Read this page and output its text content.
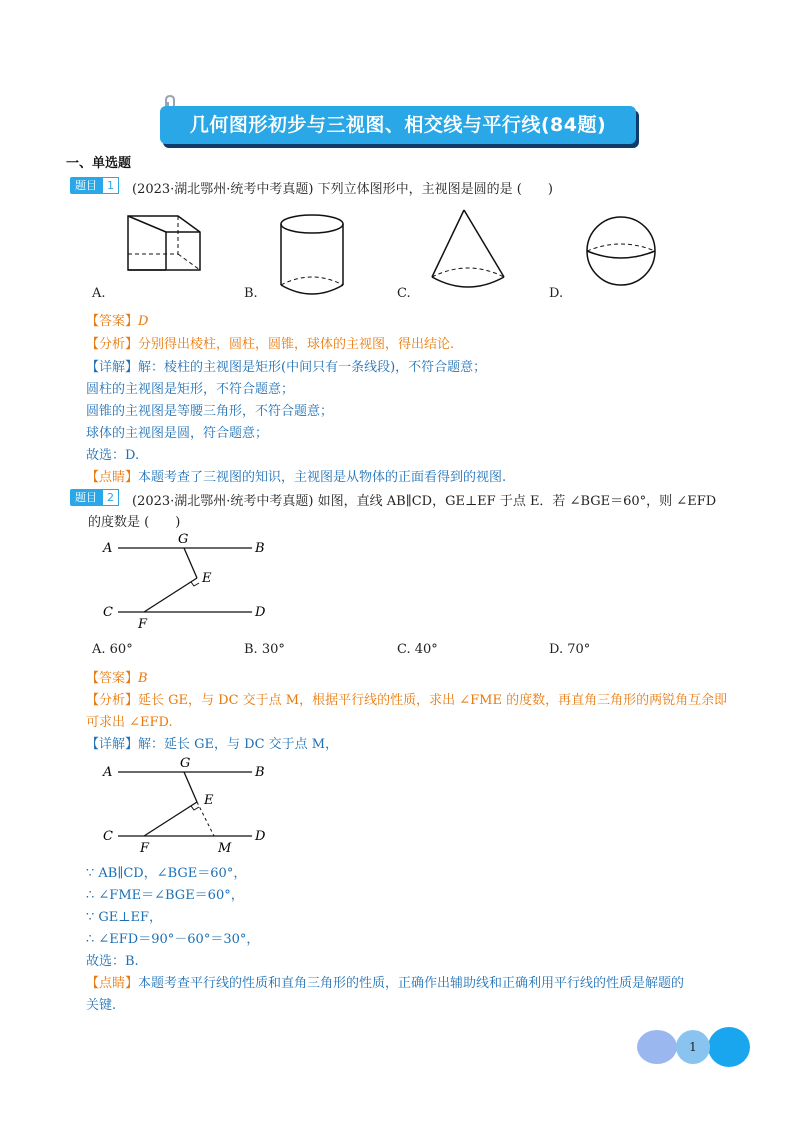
几何图形初步与三视图、相交线与平行线(84题)
一、单选题
题目 1	(2023·湖北鄂州·统考中考真题) 下列立体图形中，主视图是圆的是 (　　)
A.	B.	C.	D.
【答案】D
【分析】分别得出棱柱，圆柱，圆锥，球体的主视图，得出结论.
【详解】解：棱柱的主视图是矩形(中间只有一条线段)，不符合题意；
圆柱的主视图是矩形，不符合题意；
圆锥的主视图是等腰三角形，不符合题意；
球体的主视图是圆，符合题意；
故选：D.
【点睛】本题考查了三视图的知识，主视图是从物体的正面看得到的视图.
题目 2	(2023·湖北鄂州·统考中考真题) 如图，直线 AB∥CD，GE⊥EF 于点 E．若 ∠BGE＝60°，则 ∠EFD
的度数是 (　　)
A	B
G
E
C	D
F
A. 60°	B. 30°	C. 40°	D. 70°
【答案】B
【分析】延长 GE，与 DC 交于点 M，根据平行线的性质，求出 ∠FME 的度数，再直角三角形的两锐角互余即
可求出 ∠EFD.
【详解】解：延长 GE，与 DC 交于点 M，
A	B
G
E
C	D
F	M
∵ AB∥CD，∠BGE＝60°，
∴ ∠FME＝∠BGE＝60°，
∵ GE⊥EF，
∴ ∠EFD＝90°－60°＝30°，
故选：B.
【点睛】本题考查平行线的性质和直角三角形的性质，正确作出辅助线和正确利用平行线的性质是解题的
关键.
1
